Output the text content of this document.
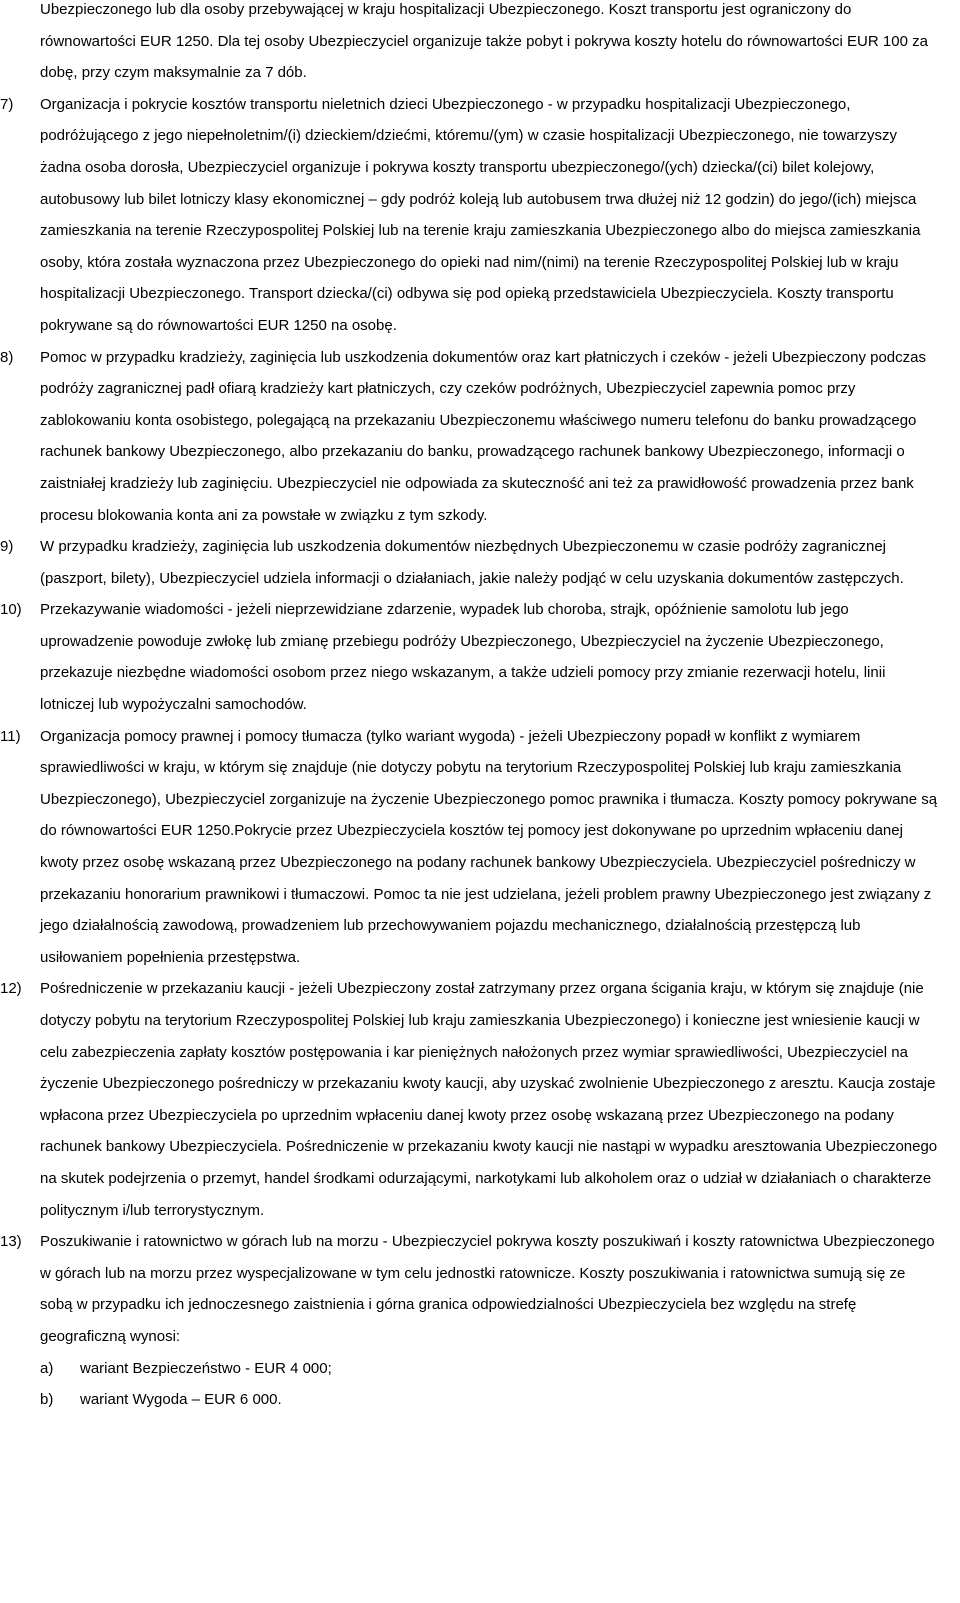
Ubezpieczonego lub dla osoby przebywającej w kraju hospitalizacji Ubezpieczonego. Koszt transportu jest ograniczony do równowartości EUR 1250. Dla tej osoby Ubezpieczyciel organizuje także pobyt i pokrywa koszty hotelu do równowartości EUR 100 za dobę, przy czym maksymalnie za 7 dób.

7)	Organizacja i pokrycie kosztów transportu nieletnich dzieci Ubezpieczonego - w przypadku hospitalizacji Ubezpieczonego, podróżującego z jego niepełnoletnim/(i) dzieckiem/dziećmi, któremu/(ym) w czasie hospitalizacji Ubezpieczonego, nie towarzyszy żadna osoba dorosła, Ubezpieczyciel organizuje i pokrywa koszty transportu ubezpieczonego/(ych) dziecka/(ci) bilet kolejowy, autobusowy lub bilet lotniczy klasy ekonomicznej – gdy podróż koleją lub autobusem trwa dłużej niż 12 godzin) do jego/(ich) miejsca zamieszkania na terenie Rzeczypospolitej Polskiej lub na terenie kraju zamieszkania Ubezpieczonego albo do miejsca zamieszkania osoby, która została wyznaczona przez Ubezpieczonego do opieki nad nim/(nimi) na terenie Rzeczypospolitej Polskiej lub w kraju hospitalizacji Ubezpieczonego. Transport dziecka/(ci) odbywa się pod opieką przedstawiciela Ubezpieczyciela. Koszty transportu pokrywane są do równowartości EUR 1250 na osobę.

8)	Pomoc w przypadku kradzieży, zaginięcia lub uszkodzenia dokumentów oraz kart płatniczych i czeków - jeżeli Ubezpieczony podczas podróży zagranicznej padł ofiarą kradzieży kart płatniczych, czy czeków podróżnych, Ubezpieczyciel zapewnia pomoc przy zablokowaniu konta osobistego, polegającą na przekazaniu Ubezpieczonemu właściwego numeru telefonu do banku prowadzącego rachunek bankowy Ubezpieczonego, albo przekazaniu do banku, prowadzącego rachunek bankowy Ubezpieczonego, informacji o zaistniałej kradzieży lub zaginięciu. Ubezpieczyciel nie odpowiada za skuteczność ani też za prawidłowość prowadzenia przez bank procesu blokowania konta ani za powstałe w związku z tym szkody.

9)	W przypadku kradzieży, zaginięcia lub uszkodzenia dokumentów niezbędnych Ubezpieczonemu w czasie podróży zagranicznej (paszport, bilety), Ubezpieczyciel udziela informacji o działaniach, jakie należy podjąć w celu uzyskania dokumentów zastępczych.

10)	Przekazywanie wiadomości - jeżeli nieprzewidziane zdarzenie, wypadek lub choroba, strajk, opóźnienie samolotu lub jego uprowadzenie powoduje zwłokę lub zmianę przebiegu podróży Ubezpieczonego, Ubezpieczyciel na życzenie Ubezpieczonego, przekazuje niezbędne wiadomości osobom przez niego wskazanym, a także udzieli pomocy przy zmianie rezerwacji hotelu, linii lotniczej lub wypożyczalni samochodów.

11)	Organizacja pomocy prawnej i pomocy tłumacza (tylko wariant wygoda) - jeżeli Ubezpieczony popadł w konflikt z wymiarem sprawiedliwości w kraju, w którym się znajduje (nie dotyczy pobytu na terytorium Rzeczypospolitej Polskiej lub kraju zamieszkania Ubezpieczonego), Ubezpieczyciel zorganizuje na życzenie Ubezpieczonego pomoc prawnika i tłumacza. Koszty pomocy pokrywane są do równowartości EUR 1250.Pokrycie przez Ubezpieczyciela kosztów tej pomocy jest dokonywane po uprzednim wpłaceniu danej kwoty przez osobę wskazaną przez Ubezpieczonego na podany rachunek bankowy Ubezpieczyciela. Ubezpieczyciel pośredniczy w przekazaniu honorarium prawnikowi i tłumaczowi. Pomoc ta nie jest udzielana, jeżeli problem prawny Ubezpieczonego jest związany z jego działalnością zawodową, prowadzeniem lub przechowywaniem pojazdu mechanicznego, działalnością przestępczą lub usiłowaniem popełnienia przestępstwa.

12)	Pośredniczenie w przekazaniu kaucji - jeżeli Ubezpieczony został zatrzymany przez organa ścigania kraju, w którym się znajduje (nie dotyczy pobytu na terytorium Rzeczypospolitej Polskiej lub kraju zamieszkania Ubezpieczonego) i konieczne jest wniesienie kaucji w celu zabezpieczenia zapłaty kosztów postępowania i kar pieniężnych nałożonych przez wymiar sprawiedliwości, Ubezpieczyciel na życzenie Ubezpieczonego pośredniczy w przekazaniu kwoty kaucji, aby uzyskać zwolnienie Ubezpieczonego z aresztu. Kaucja zostaje wpłacona przez Ubezpieczyciela po uprzednim wpłaceniu danej kwoty przez osobę wskazaną przez Ubezpieczonego na podany rachunek bankowy Ubezpieczyciela. Pośredniczenie w przekazaniu kwoty kaucji nie nastąpi w wypadku aresztowania Ubezpieczonego na skutek podejrzenia o przemyt, handel środkami odurzającymi, narkotykami lub alkoholem oraz o udział w działaniach o charakterze politycznym i/lub terrorystycznym.

13)	Poszukiwanie i ratownictwo w górach lub na morzu - Ubezpieczyciel pokrywa koszty poszukiwań i koszty ratownictwa Ubezpieczonego w górach lub na morzu przez wyspecjalizowane w tym celu jednostki ratownicze. Koszty poszukiwania i ratownictwa sumują się ze sobą w przypadku ich jednoczesnego zaistnienia i górna granica odpowiedzialności Ubezpieczyciela bez względu na strefę geograficzną wynosi:

a) wariant Bezpieczeństwo - EUR 4 000;
b) wariant Wygoda – EUR 6 000.
